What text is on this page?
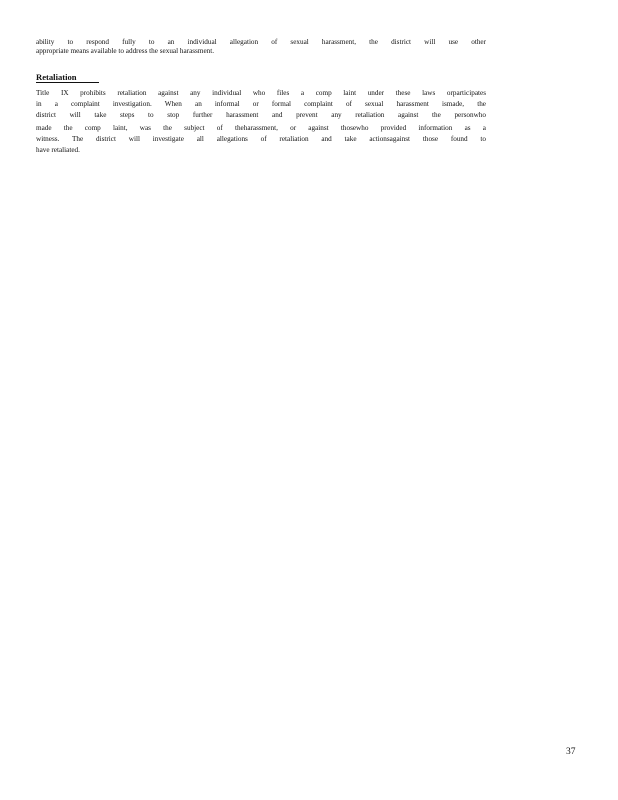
ability to respond fully to an individual allegation of sexual harassment, the district will use other
appropriate means available to address the sexual harassment.
Retaliation
Title IX prohibits retaliation against any individual who files a comp laint under these laws orparticipates
in a complaint investigation. When an informal or formal complaint of sexual harassment ismade, the
district will take steps to stop further harassment and prevent any retaliation against the personwho
made the comp laint, was the subject of theharassment, or against thosewho provided information as a
witness. The district will investigate all allegations of retaliation and take actionsagainst those found to
have retaliated.
37
